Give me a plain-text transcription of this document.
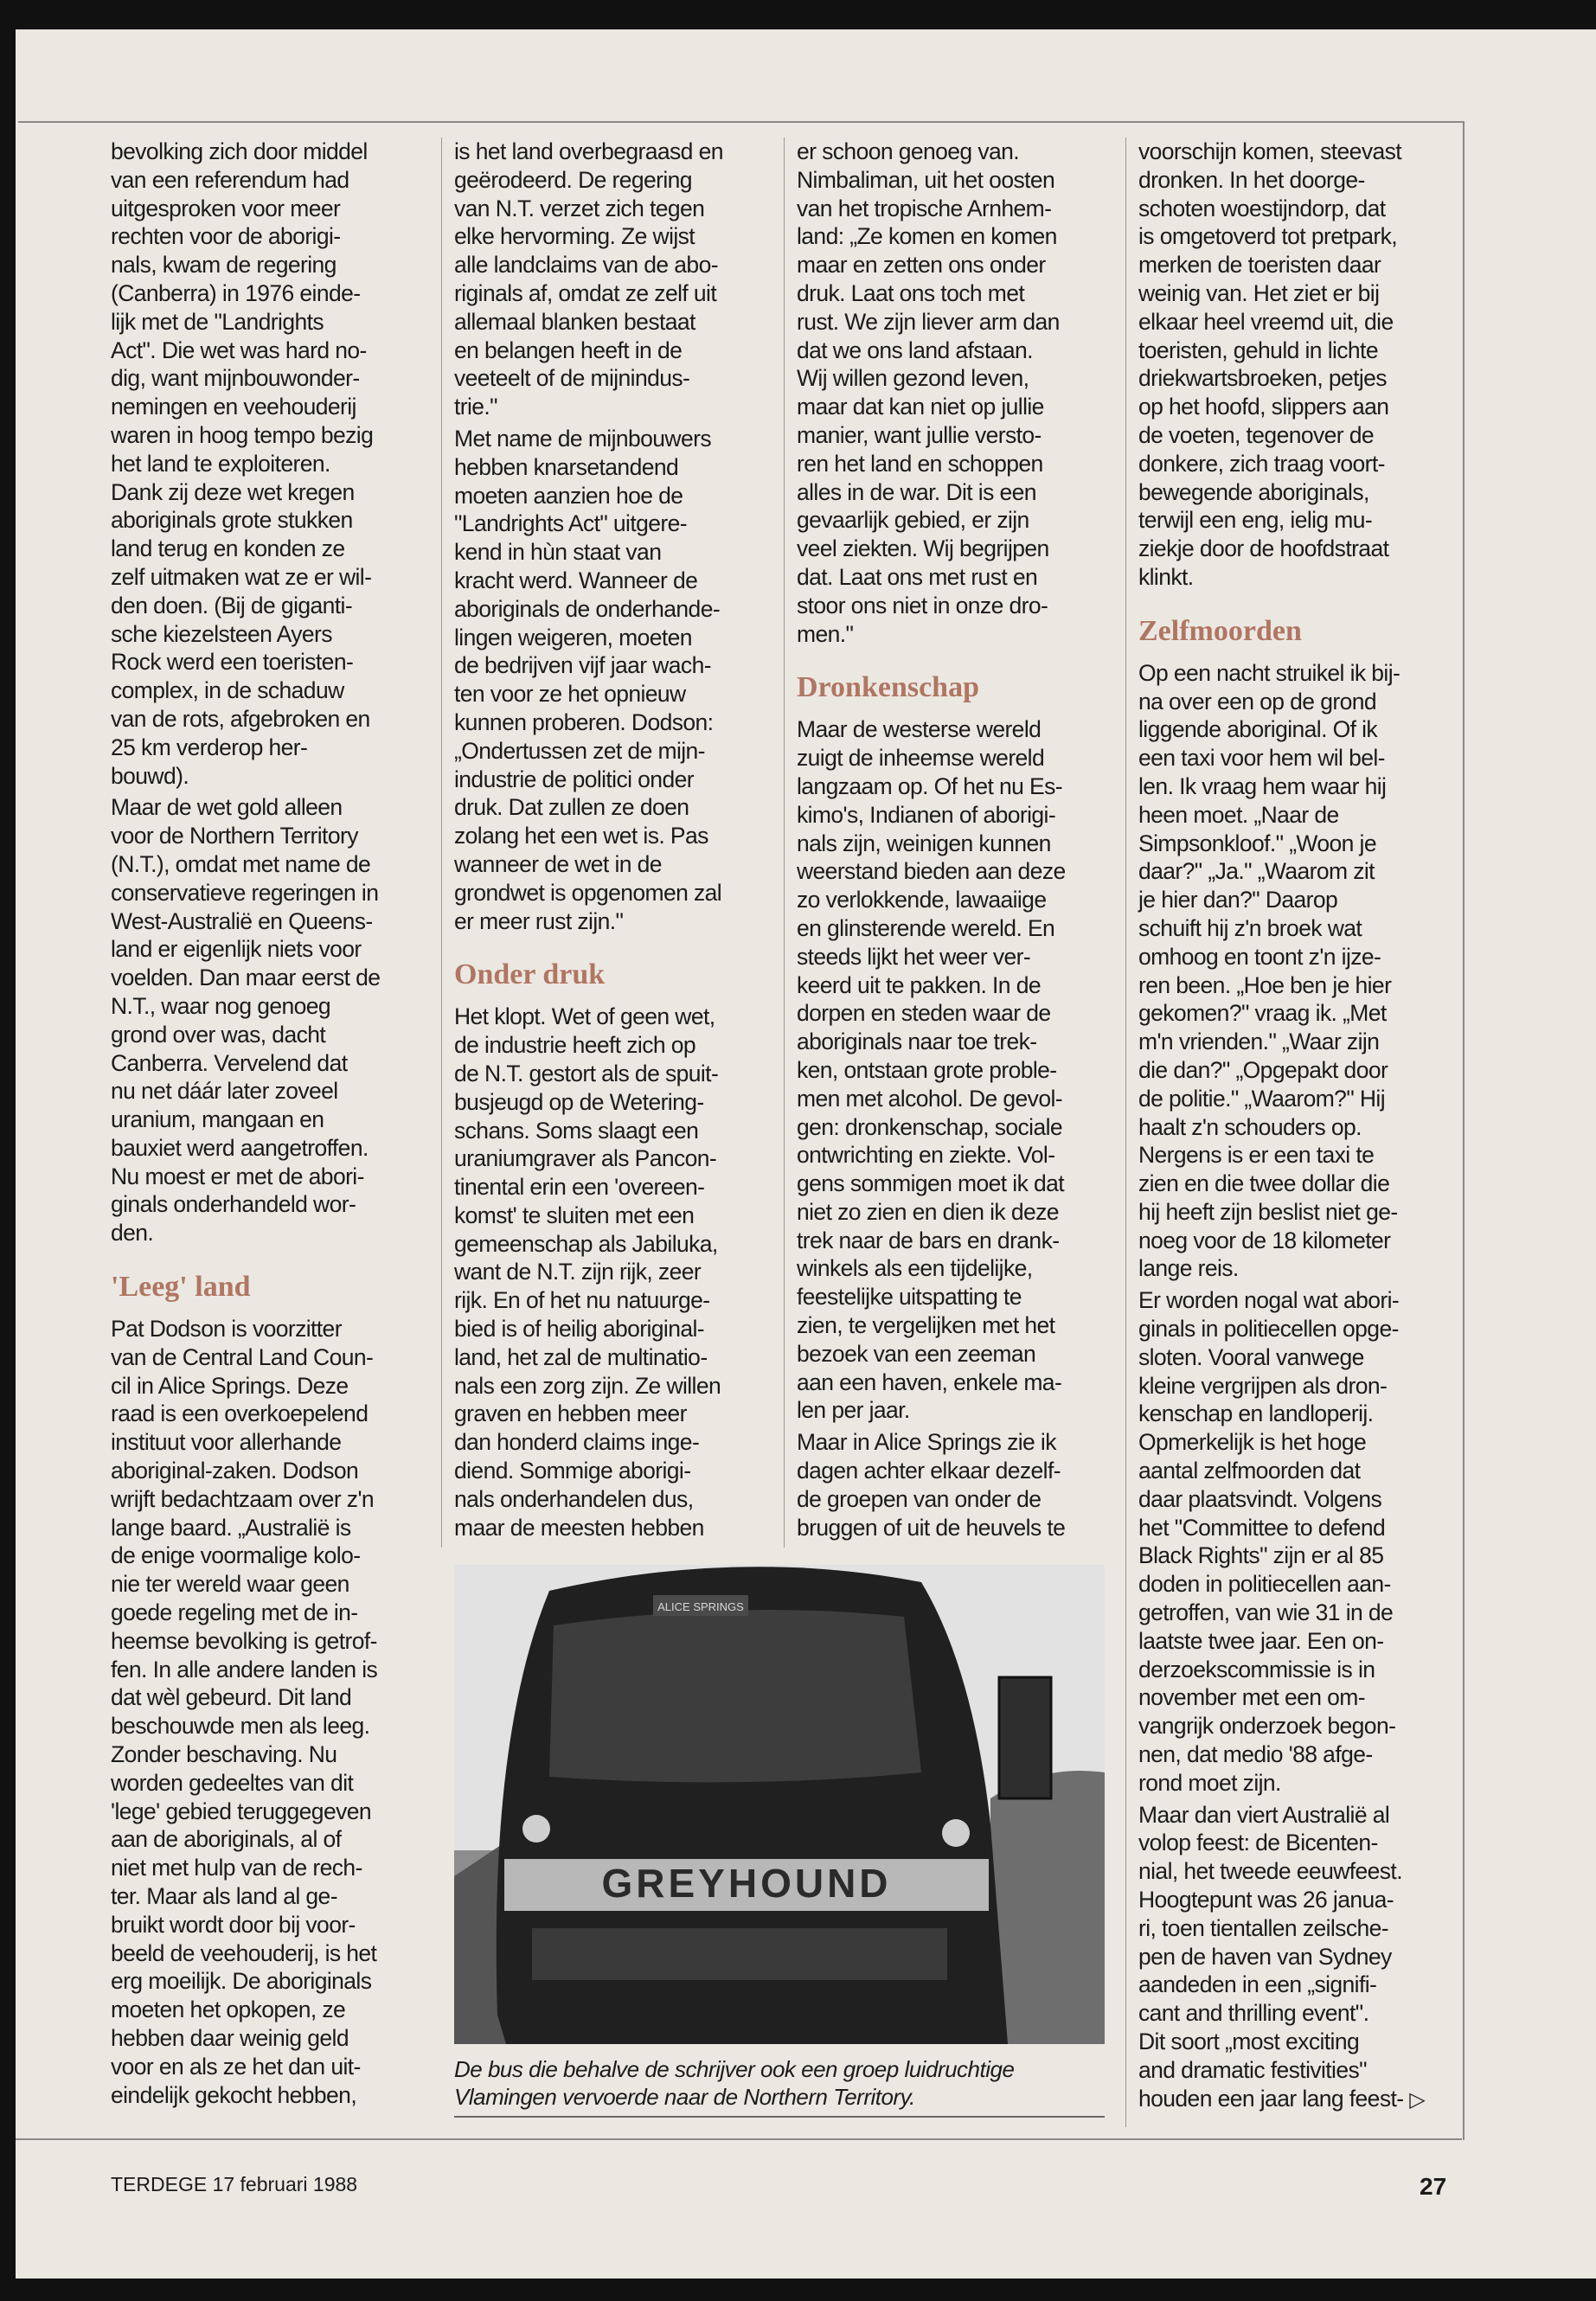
bevolking zich door middel
van een referendum had
uitgesproken voor meer
rechten voor de aborigi-
nals, kwam de regering
(Canberra) in 1976 einde-
lijk met de "Landrights
Act". Die wet was hard no-
dig, want mijnbouwonder-
nemingen en veehouderij
waren in hoog tempo bezig
het land te exploiteren.
Dank zij deze wet kregen
aboriginals grote stukken
land terug en konden ze
zelf uitmaken wat ze er wil-
den doen. (Bij de giganti-
sche kiezelsteen Ayers
Rock werd een toeristen-
complex, in de schaduw
van de rots, afgebroken en
25 km verderop her-
bouwd).

Maar de wet gold alleen
voor de Northern Territory
(N.T.), omdat met name de
conservatieve regeringen in
West-Australië en Queens-
land er eigenlijk niets voor
voelden. Dan maar eerst de
N.T., waar nog genoeg
grond over was, dacht
Canberra. Vervelend dat
nu net dáár later zoveel
uranium, mangaan en
bauxiet werd aangetroffen.
Nu moest er met de abori-
ginals onderhandeld wor-
den.

'Leeg' land

Pat Dodson is voorzitter
van de Central Land Coun-
cil in Alice Springs. Deze
raad is een overkoepelend
instituut voor allerhande
aboriginal-zaken. Dodson
wrijft bedachtzaam over z'n
lange baard. „Australië is
de enige voormalige kolo-
nie ter wereld waar geen
goede regeling met de in-
heemse bevolking is getrof-
fen. In alle andere landen is
dat wèl gebeurd. Dit land
beschouwde men als leeg.
Zonder beschaving. Nu
worden gedeeltes van dit
'lege' gebied teruggegeven
aan de aboriginals, al of
niet met hulp van de rech-
ter. Maar als land al ge-
bruikt wordt door bij voor-
beeld de veehouderij, is het
erg moeilijk. De aboriginals
moeten het opkopen, ze
hebben daar weinig geld
voor en als ze het dan uit-
eindelijk gekocht hebben,

is het land overbegraasd en
geërodeerd. De regering
van N.T. verzet zich tegen
elke hervorming. Ze wijst
alle landclaims van de abo-
riginals af, omdat ze zelf uit
allemaal blanken bestaat
en belangen heeft in de
veeteelt of de mijnindus-
trie."

Met name de mijnbouwers
hebben knarsetandend
moeten aanzien hoe de
"Landrights Act" uitgere-
kend in hùn staat van
kracht werd. Wanneer de
aboriginals de onderhande-
lingen weigeren, moeten
de bedrijven vijf jaar wach-
ten voor ze het opnieuw
kunnen proberen. Dodson:
„Ondertussen zet de mijn-
industrie de politici onder
druk. Dat zullen ze doen
zolang het een wet is. Pas
wanneer de wet in de
grondwet is opgenomen zal
er meer rust zijn."

Onder druk

Het klopt. Wet of geen wet,
de industrie heeft zich op
de N.T. gestort als de spuit-
busjeugd op de Wetering-
schans. Soms slaagt een
uraniumgraver als Pancon-
tinental erin een 'overeen-
komst' te sluiten met een
gemeenschap als Jabiluka,
want de N.T. zijn rijk, zeer
rijk. En of het nu natuurge-
bied is of heilig aboriginal-
land, het zal de multinatio-
nals een zorg zijn. Ze willen
graven en hebben meer
dan honderd claims inge-
diend. Sommige aborigi-
nals onderhandelen dus,
maar de meesten hebben

er schoon genoeg van.
Nimbaliman, uit het oosten
van het tropische Arnhem-
land: „Ze komen en komen
maar en zetten ons onder
druk. Laat ons toch met
rust. We zijn liever arm dan
dat we ons land afstaan.
Wij willen gezond leven,
maar dat kan niet op jullie
manier, want jullie versto-
ren het land en schoppen
alles in de war. Dit is een
gevaarlijk gebied, er zijn
veel ziekten. Wij begrijpen
dat. Laat ons met rust en
stoor ons niet in onze dro-
men."

Dronkenschap

Maar de westerse wereld
zuigt de inheemse wereld
langzaam op. Of het nu Es-
kimo's, Indianen of aborigi-
nals zijn, weinigen kunnen
weerstand bieden aan deze
zo verlokkende, lawaaiige
en glinsterende wereld. En
steeds lijkt het weer ver-
keerd uit te pakken. In de
dorpen en steden waar de
aboriginals naar toe trek-
ken, ontstaan grote proble-
men met alcohol. De gevol-
gen: dronkenschap, sociale
ontwrichting en ziekte. Vol-
gens sommigen moet ik dat
niet zo zien en dien ik deze
trek naar de bars en drank-
winkels als een tijdelijke,
feestelijke uitspatting te
zien, te vergelijken met het
bezoek van een zeeman
aan een haven, enkele ma-
len per jaar.

Maar in Alice Springs zie ik
dagen achter elkaar dezelf-
de groepen van onder de
bruggen of uit de heuvels te

voorschijn komen, steevast
dronken. In het doorge-
schoten woestijndorp, dat
is omgetoverd tot pretpark,
merken de toeristen daar
weinig van. Het ziet er bij
elkaar heel vreemd uit, die
toeristen, gehuld in lichte
driekwartsbroeken, petjes
op het hoofd, slippers aan
de voeten, tegenover de
donkere, zich traag voort-
bewegende aboriginals,
terwijl een eng, ielig mu-
ziekje door de hoofdstraat
klinkt.

Zelfmoorden

Op een nacht struikel ik bij-
na over een op de grond
liggende aboriginal. Of ik
een taxi voor hem wil bel-
len. Ik vraag hem waar hij
heen moet. „Naar de
Simpsonkloof." „Woon je
daar?" „Ja." „Waarom zit
je hier dan?" Daarop
schuift hij z'n broek wat
omhoog en toont z'n ijze-
ren been. „Hoe ben je hier
gekomen?" vraag ik. „Met
m'n vrienden." „Waar zijn
die dan?" „Opgepakt door
de politie." „Waarom?" Hij
haalt z'n schouders op.
Nergens is er een taxi te
zien en die twee dollar die
hij heeft zijn beslist niet ge-
noeg voor de 18 kilometer
lange reis.

Er worden nogal wat abori-
ginals in politiecellen opge-
sloten. Vooral vanwege
kleine vergrijpen als dron-
kenschap en landloperij.
Opmerkelijk is het hoge
aantal zelfmoorden dat
daar plaatsvindt. Volgens
het "Committee to defend
Black Rights" zijn er al 85
doden in politiecellen aan-
getroffen, van wie 31 in de
laatste twee jaar. Een on-
derzoekscommissie is in
november met een om-
vangrijk onderzoek begon-
nen, dat medio '88 afge-
rond moet zijn.

Maar dan viert Australië al
volop feest: de Bicenten-
nial, het tweede eeuwfeest.
Hoogtepunt was 26 janua-
ri, toen tientallen zeilsche-
pen de haven van Sydney
aandeden in een „signifi-
cant and thrilling event".
Dit soort „most exciting
and dramatic festivities"
houden een jaar lang feest- ▷

ALICE SPRINGS
GREYHOUND
De bus die behalve de schrijver ook een groep luidruchtige
Vlamingen vervoerde naar de Northern Territory.
TERDEGE 17 februari 1988	27
